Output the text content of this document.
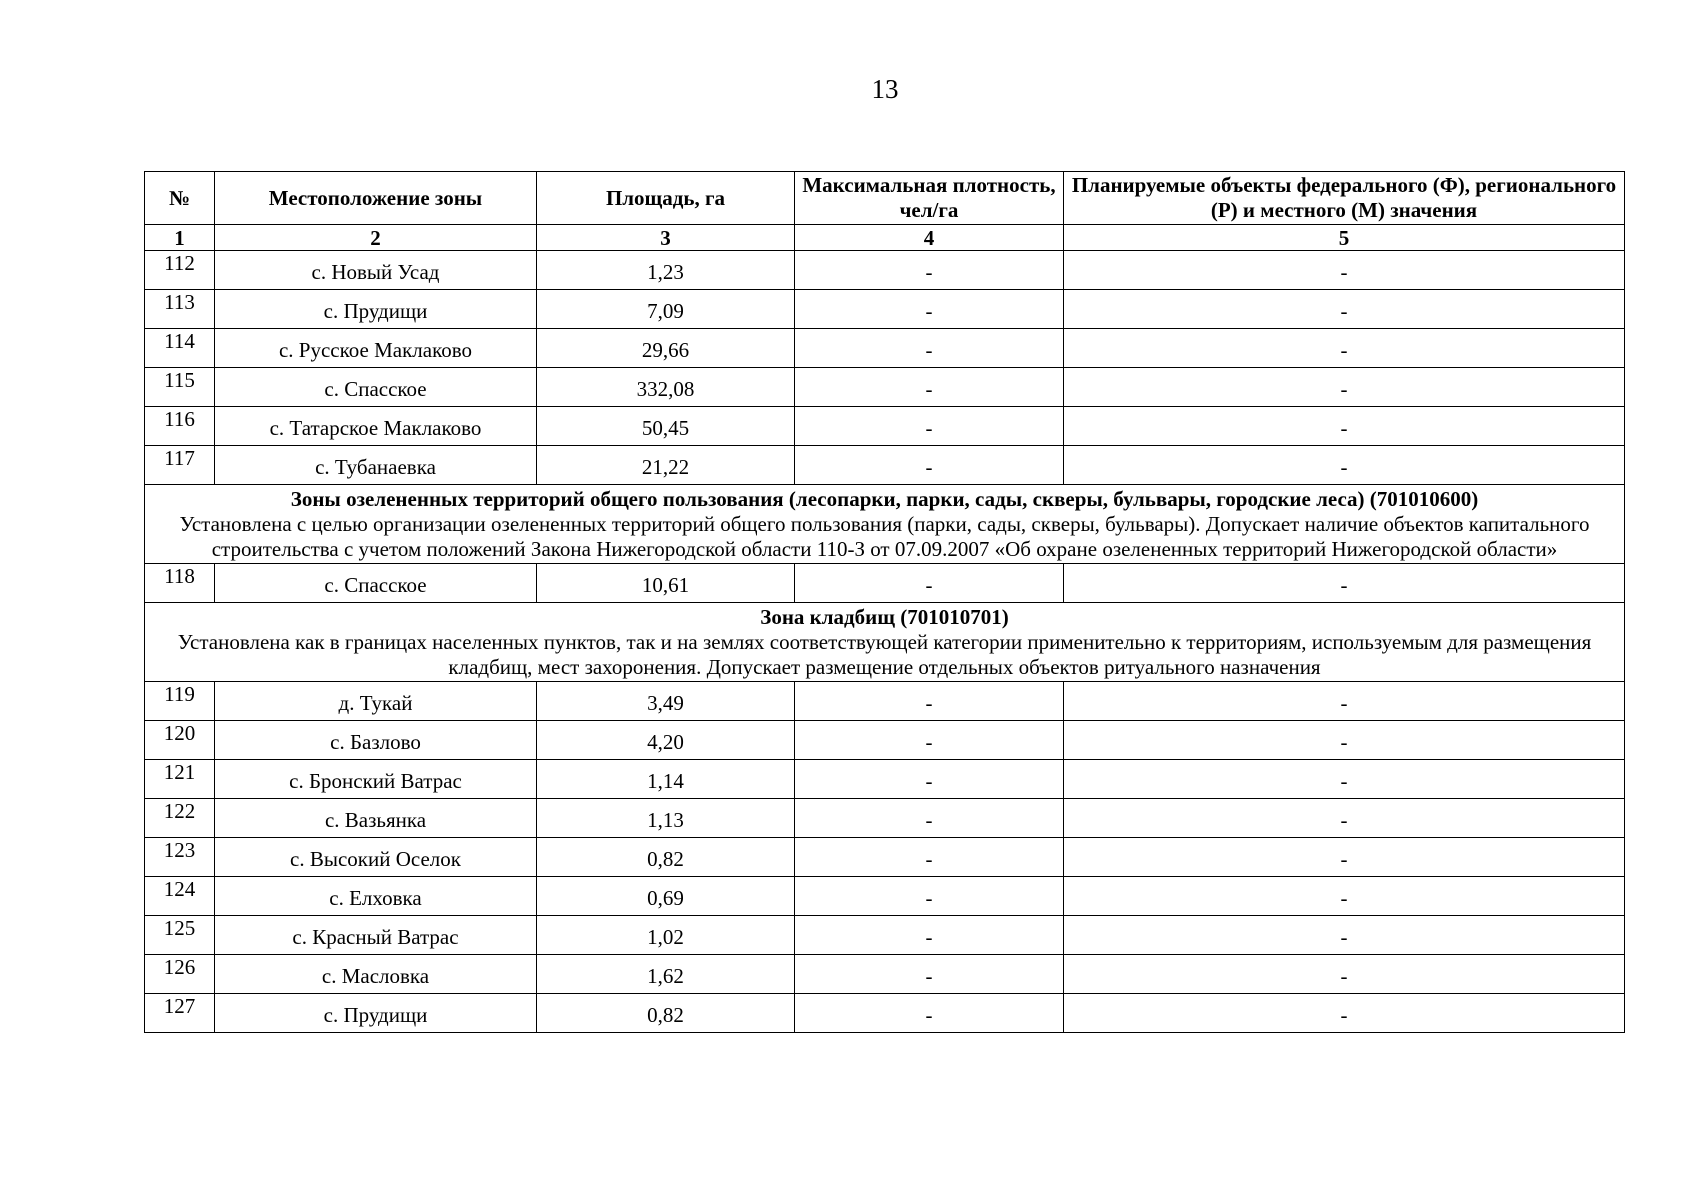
13
№	Местоположение зоны	Площадь, га	Максимальная плотность, чел/га	Планируемые объекты федерального (Ф), регионального (Р) и местного (М) значения
1	2	3	4	5
112	с. Новый Усад	1,23	-	-
113	с. Прудищи	7,09	-	-
114	с. Русское Маклаково	29,66	-	-
115	с. Спасское	332,08	-	-
116	с. Татарское Маклаково	50,45	-	-
117	с. Тубанаевка	21,22	-	-

Зоны озелененных территорий общего пользования (лесопарки, парки, сады, скверы, бульвары, городские леса) (701010600)
Установлена с целью организации озелененных территорий общего пользования (парки, сады, скверы, бульвары). Допускает наличие объектов капитального строительства с учетом положений Закона Нижегородской области 110-З от 07.09.2007 «Об охране озелененных территорий Нижегородской области»				

118	с. Спасское	10,61	-	-

Зона кладбищ (701010701)
Установлена как в границах населенных пунктов, так и на землях соответствующей категории применительно к территориям, используемым для размещения кладбищ, мест захоронения. Допускает размещение отдельных объектов ритуального назначения				

119	д. Тукай	3,49	-	-
120	с. Базлово	4,20	-	-
121	с. Бронский Ватрас	1,14	-	-
122	с. Вазьянка	1,13	-	-
123	с. Высокий Оселок	0,82	-	-
124	с. Елховка	0,69	-	-
125	с. Красный Ватрас	1,02	-	-
126	с. Масловка	1,62	-	-
127	с. Прудищи	0,82	-	-
